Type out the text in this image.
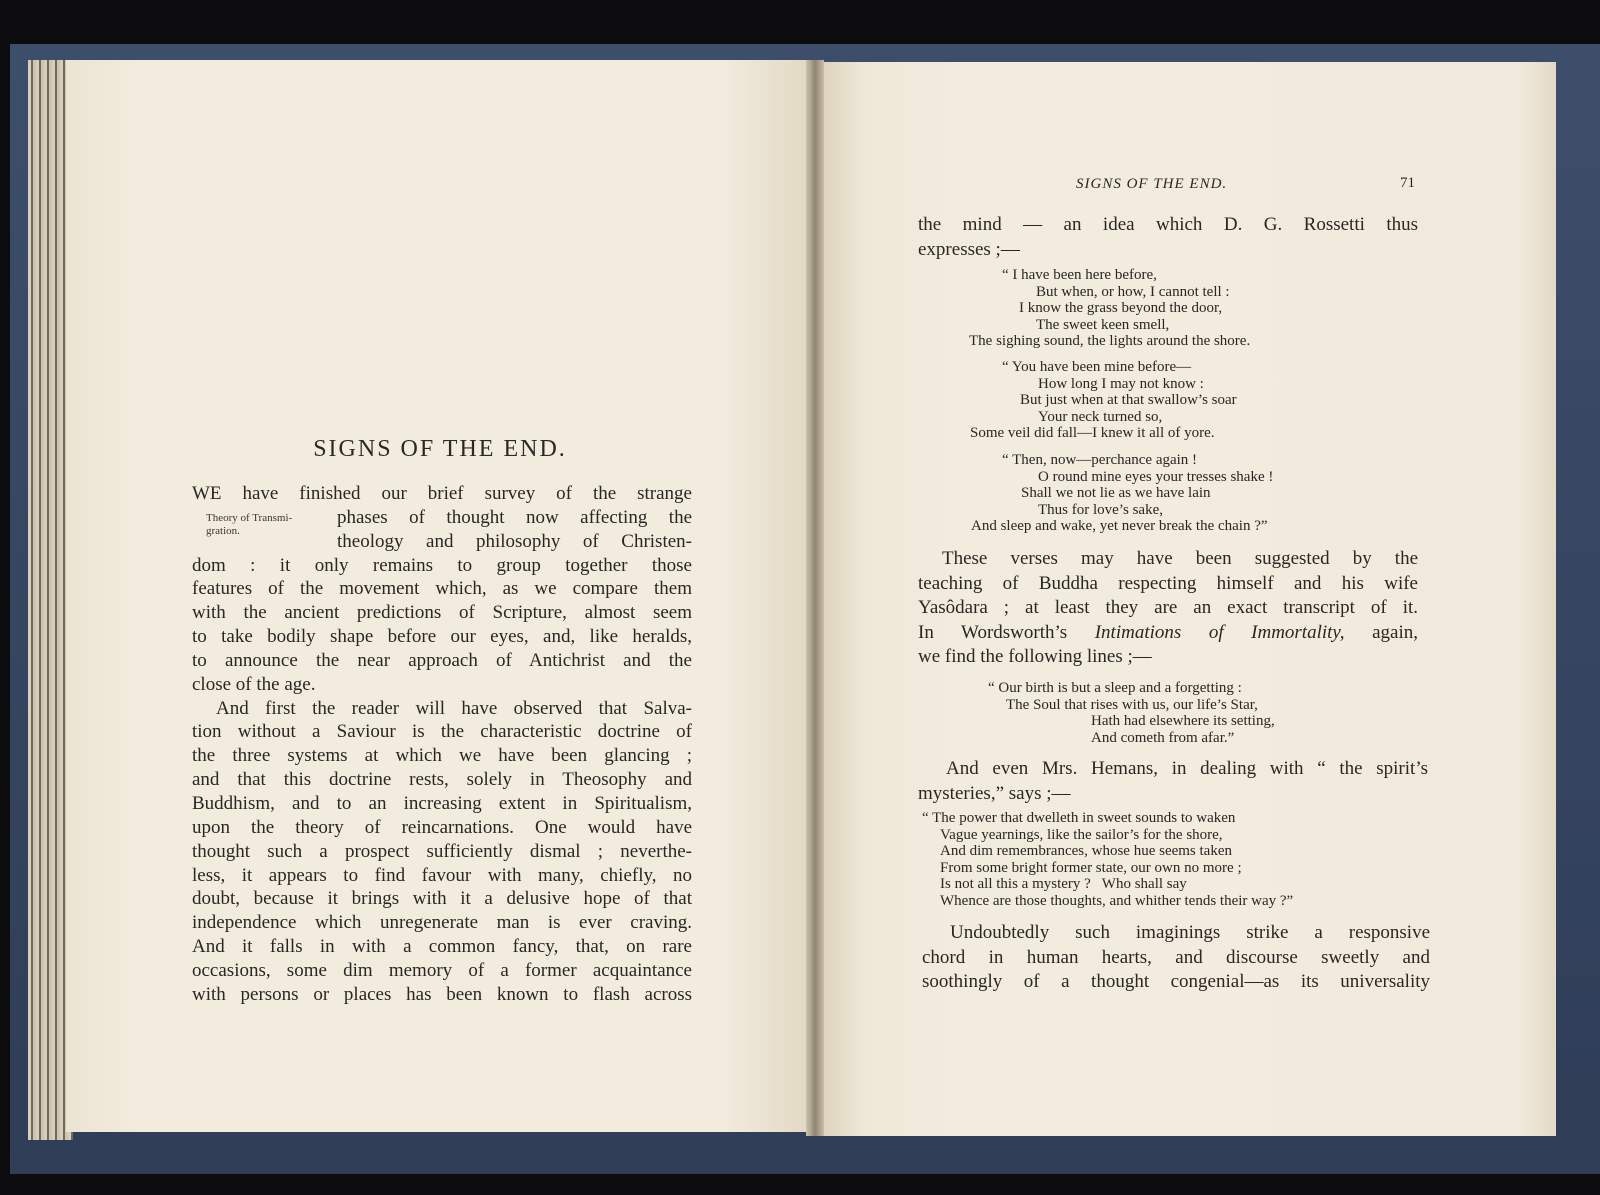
SIGNS OF THE END.
Theory of Transmi-
gration.
WE have finished our brief survey of the strange
phases of thought now affecting the
theology and philosophy of Christen-
dom : it only remains to group together those
features of the movement which, as we compare them
with the ancient predictions of Scripture, almost seem
to take bodily shape before our eyes, and, like heralds,
to announce the near approach of Antichrist and the
close of the age.
And first the reader will have observed that Salva-
tion without a Saviour is the characteristic doctrine of
the three systems at which we have been glancing ;
and that this doctrine rests, solely in Theosophy and
Buddhism, and to an increasing extent in Spiritualism,
upon the theory of reincarnations. One would have
thought such a prospect sufficiently dismal ; neverthe-
less, it appears to find favour with many, chiefly, no
doubt, because it brings with it a delusive hope of that
independence which unregenerate man is ever craving.
And it falls in with a common fancy, that, on rare
occasions, some dim memory of a former acquaintance
with persons or places has been known to flash across
SIGNS OF THE END.	71
the mind — an idea which D. G. Rossetti thus
expresses ;—
“ I have been here before,
But when, or how, I cannot tell :
I know the grass beyond the door,
The sweet keen smell,
The sighing sound, the lights around the shore.
“ You have been mine before—
How long I may not know :
But just when at that swallow’s soar
Your neck turned so,
Some veil did fall—I knew it all of yore.
“ Then, now—perchance again !
O round mine eyes your tresses shake !
Shall we not lie as we have lain
Thus for love’s sake,
And sleep and wake, yet never break the chain ?”
These verses may have been suggested by the
teaching of Buddha respecting himself and his wife
Yasôdara ; at least they are an exact transcript of it.
In Wordsworth’s Intimations of Immortality, again,
we find the following lines ;—
“ Our birth is but a sleep and a forgetting :
The Soul that rises with us, our life’s Star,
Hath had elsewhere its setting,
And cometh from afar.”
And even Mrs. Hemans, in dealing with “ the spirit’s
mysteries,” says ;—
“ The power that dwelleth in sweet sounds to waken
Vague yearnings, like the sailor’s for the shore,
And dim remembrances, whose hue seems taken
From some bright former state, our own no more ;
Is not all this a mystery ?   Who shall say
Whence are those thoughts, and whither tends their way ?”
Undoubtedly such imaginings strike a responsive
chord in human hearts, and discourse sweetly and
soothingly of a thought congenial—as its universality
